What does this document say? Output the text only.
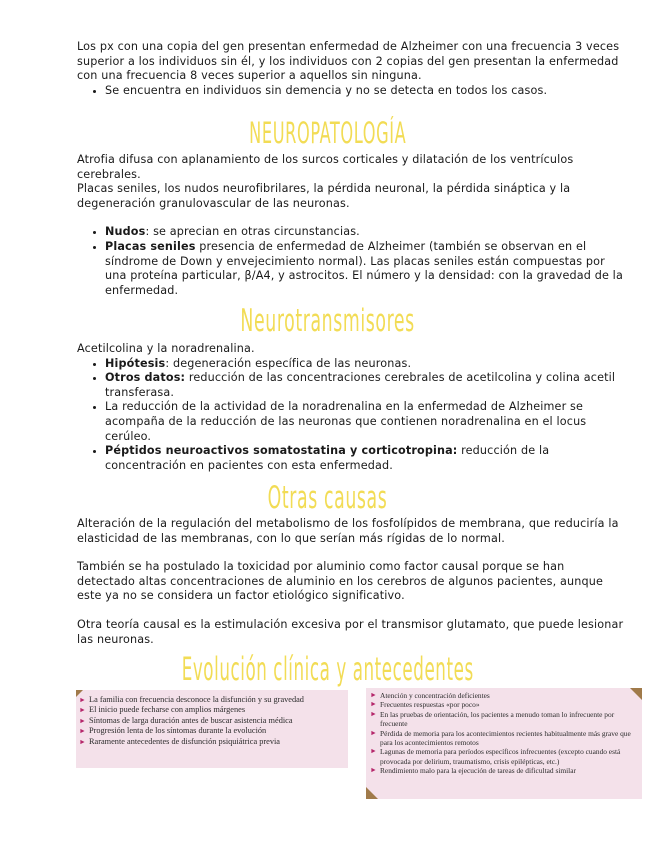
Los px con una copia del gen presentan enfermedad de Alzheimer con una frecuencia 3 veces superior a los individuos sin él, y los individuos con 2 copias del gen presentan la enfermedad con una frecuencia 8 veces superior a aquellos sin ninguna.
• Se encuentra en individuos sin demencia y no se detecta en todos los casos.
NEUROPATOLOGÍA
Atrofia difusa con aplanamiento de los surcos corticales y dilatación de los ventrículos cerebrales.
Placas seniles, los nudos neurofibrilares, la pérdida neuronal, la pérdida sináptica y la degeneración granulovascular de las neuronas.
• Nudos: se aprecian en otras circunstancias.
• Placas seniles presencia de enfermedad de Alzheimer (también se observan en el síndrome de Down y envejecimiento normal). Las placas seniles están compuestas por una proteína particular, β/A4, y astrocitos. El número y la densidad: con la gravedad de la enfermedad.
Neurotransmisores
Acetilcolina y la noradrenalina.
• Hipótesis: degeneración específica de las neuronas.
• Otros datos: reducción de las concentraciones cerebrales de acetilcolina y colina acetil transferasa.
• La reducción de la actividad de la noradrenalina en la enfermedad de Alzheimer se acompaña de la reducción de las neuronas que contienen noradrenalina en el locus cerúleo.
• Péptidos neuroactivos somatostatina y corticotropina: reducción de la concentración en pacientes con esta enfermedad.
Otras causas
Alteración de la regulación del metabolismo de los fosfolípidos de membrana, que reduciría la elasticidad de las membranas, con lo que serían más rígidas de lo normal.
También se ha postulado la toxicidad por aluminio como factor causal porque se han detectado altas concentraciones de aluminio en los cerebros de algunos pacientes, aunque este ya no se considera un factor etiológico significativo.
Otra teoría causal es la estimulación excesiva por el transmisor glutamato, que puede lesionar las neuronas.
Evolución clínica y antecedentes
► La familia con frecuencia desconoce la disfunción y su gravedad
► El inicio puede fecharse con amplios márgenes
► Síntomas de larga duración antes de buscar asistencia médica
► Progresión lenta de los síntomas durante la evolución
► Raramente antecedentes de disfunción psiquiátrica previa
► Atención y concentración deficientes
► Frecuentes respuestas «por poco»
► En las pruebas de orientación, los pacientes a menudo toman lo infrecuente por frecuente
► Pérdida de memoria para los acontecimientos recientes habitualmente más grave que para los acontecimientos remotos
► Lagunas de memoria para períodos específicos infrecuentes (excepto cuando está provocada por delirium, traumatismo, crisis epilépticas, etc.)
► Rendimiento malo para la ejecución de tareas de dificultad similar
